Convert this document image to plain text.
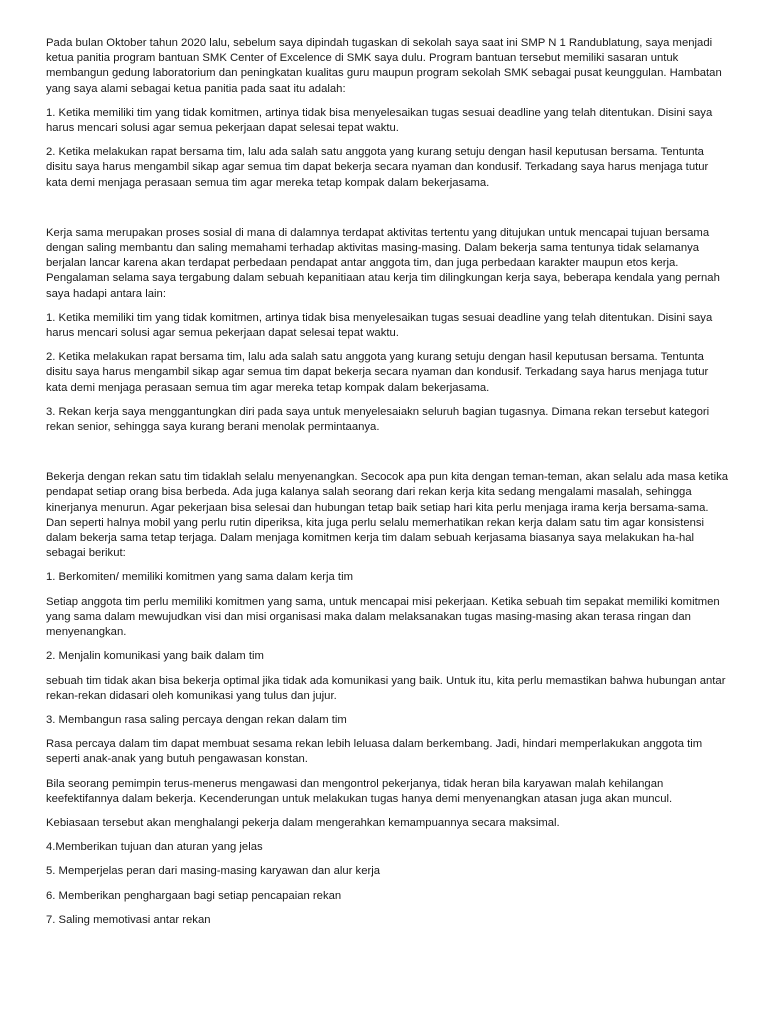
Pada bulan Oktober tahun 2020 lalu, sebelum saya dipindah tugaskan di sekolah saya saat ini SMP N 1 Randublatung, saya menjadi ketua panitia program bantuan SMK Center of Excelence di SMK saya dulu. Program bantuan tersebut memiliki sasaran untuk membangun gedung laboratorium dan peningkatan kualitas guru maupun program sekolah SMK sebagai pusat keunggulan. Hambatan yang saya alami sebagai ketua panitia pada saat itu adalah:

1. Ketika memiliki tim yang tidak komitmen, artinya tidak bisa menyelesaikan tugas sesuai deadline yang telah ditentukan. Disini saya harus mencari solusi agar semua pekerjaan dapat selesai tepat waktu.

2. Ketika melakukan rapat bersama tim, lalu ada salah satu anggota yang kurang setuju dengan hasil keputusan bersama. Tentunta disitu saya harus mengambil sikap agar semua tim dapat bekerja secara nyaman dan kondusif. Terkadang saya harus menjaga tutur kata demi menjaga perasaan semua tim agar mereka tetap kompak dalam bekerjasama.

Kerja sama merupakan proses sosial di mana di dalamnya terdapat aktivitas tertentu yang ditujukan untuk mencapai tujuan bersama dengan saling membantu dan saling memahami terhadap aktivitas masing-masing. Dalam bekerja sama tentunya tidak selamanya berjalan lancar karena akan terdapat perbedaan pendapat antar anggota tim, dan juga perbedaan karakter maupun etos kerja. Pengalaman selama saya tergabung dalam sebuah kepanitiaan atau kerja tim dilingkungan kerja saya, beberapa kendala yang pernah saya hadapi antara lain:

1. Ketika memiliki tim yang tidak komitmen, artinya tidak bisa menyelesaikan tugas sesuai deadline yang telah ditentukan. Disini saya harus mencari solusi agar semua pekerjaan dapat selesai tepat waktu.

2. Ketika melakukan rapat bersama tim, lalu ada salah satu anggota yang kurang setuju dengan hasil keputusan bersama. Tentunta disitu saya harus mengambil sikap agar semua tim dapat bekerja secara nyaman dan kondusif. Terkadang saya harus menjaga tutur kata demi menjaga perasaan semua tim agar mereka tetap kompak dalam bekerjasama.

3. Rekan kerja saya menggantungkan diri pada saya untuk menyelesaiakn seluruh bagian tugasnya. Dimana rekan tersebut kategori rekan senior, sehingga saya kurang berani menolak permintaanya.

Bekerja dengan rekan satu tim tidaklah selalu menyenangkan. Secocok apa pun kita dengan teman-teman, akan selalu ada masa ketika pendapat setiap orang bisa berbeda. Ada juga kalanya salah seorang dari rekan kerja kita sedang mengalami masalah, sehingga kinerjanya menurun. Agar pekerjaan bisa selesai dan hubungan tetap baik setiap hari kita perlu menjaga irama kerja bersama-sama. Dan seperti halnya mobil yang perlu rutin diperiksa, kita juga perlu selalu memerhatikan rekan kerja dalam satu tim agar konsistensi dalam bekerja sama tetap terjaga. Dalam menjaga komitmen kerja tim dalam sebuah kerjasama biasanya saya melakukan ha-hal sebagai berikut:

1. Berkomiten/ memiliki komitmen yang sama dalam kerja tim

Setiap anggota tim perlu memiliki komitmen yang sama, untuk mencapai misi pekerjaan. Ketika sebuah tim sepakat memiliki komitmen yang sama dalam mewujudkan visi dan misi organisasi maka dalam melaksanakan tugas masing-masing akan terasa ringan dan menyenangkan.

2. Menjalin komunikasi yang baik dalam tim

sebuah tim tidak akan bisa bekerja optimal jika tidak ada komunikasi yang baik. Untuk itu, kita perlu memastikan bahwa hubungan antar rekan-rekan didasari oleh komunikasi yang tulus dan jujur.

3. Membangun rasa saling percaya dengan rekan dalam tim

Rasa percaya dalam tim dapat membuat sesama rekan lebih leluasa dalam berkembang. Jadi, hindari memperlakukan anggota tim seperti anak-anak yang butuh pengawasan konstan.

Bila seorang pemimpin terus-menerus mengawasi dan mengontrol pekerjanya, tidak heran bila karyawan malah kehilangan keefektifannya dalam bekerja. Kecenderungan untuk melakukan tugas hanya demi menyenangkan atasan juga akan muncul.

Kebiasaan tersebut akan menghalangi pekerja dalam mengerahkan kemampuannya secara maksimal.

4.Memberikan tujuan dan aturan yang jelas

5. Memperjelas peran dari masing-masing karyawan dan alur kerja

6. Memberikan penghargaan bagi setiap pencapaian rekan

7. Saling memotivasi antar rekan
